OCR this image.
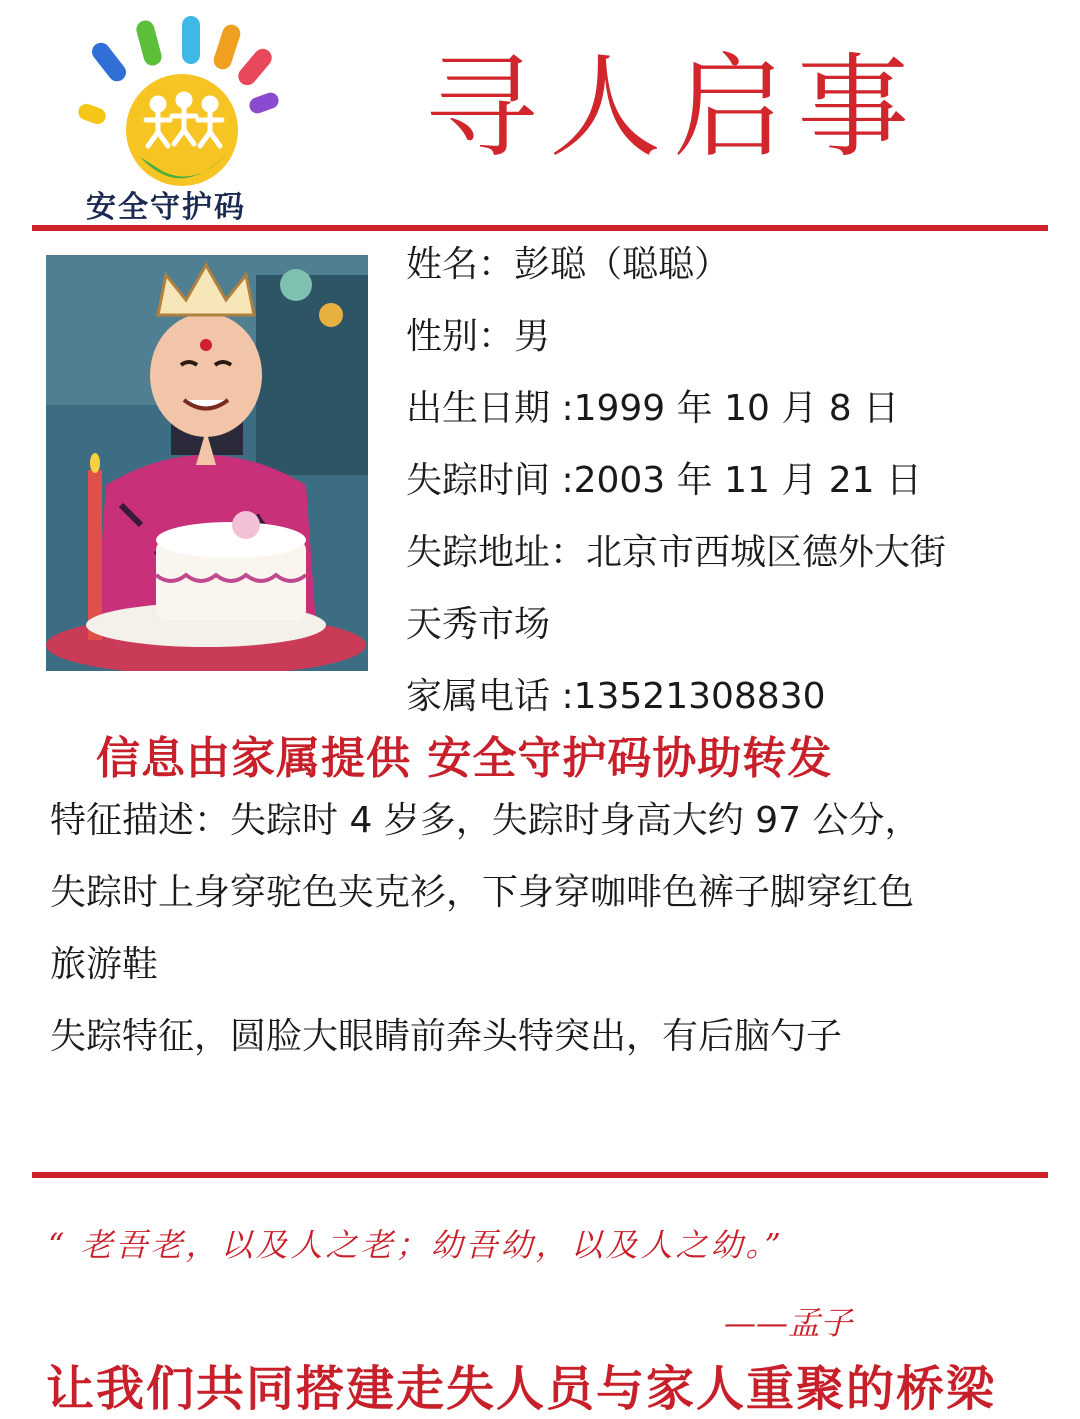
安全守护码
寻人启事
姓名：彭聪（聪聪）
性别：男
出生日期 :1999 年 10 月 8 日
失踪时间 :2003 年 11 月 21 日
失踪地址：北京市西城区德外大街
天秀市场
家属电话 :13521308830
信息由家属提供 安全守护码协助转发
特征描述：失踪时 4 岁多，失踪时身高大约 97 公分，
失踪时上身穿驼色夹克衫，下身穿咖啡色裤子脚穿红色
旅游鞋
失踪特征，圆脸大眼睛前奔头特突出，有后脑勺子
“ 老吾老，以及人之老；幼吾幼，以及人之幼。”
——孟子
让我们共同搭建走失人员与家人重聚的桥梁
